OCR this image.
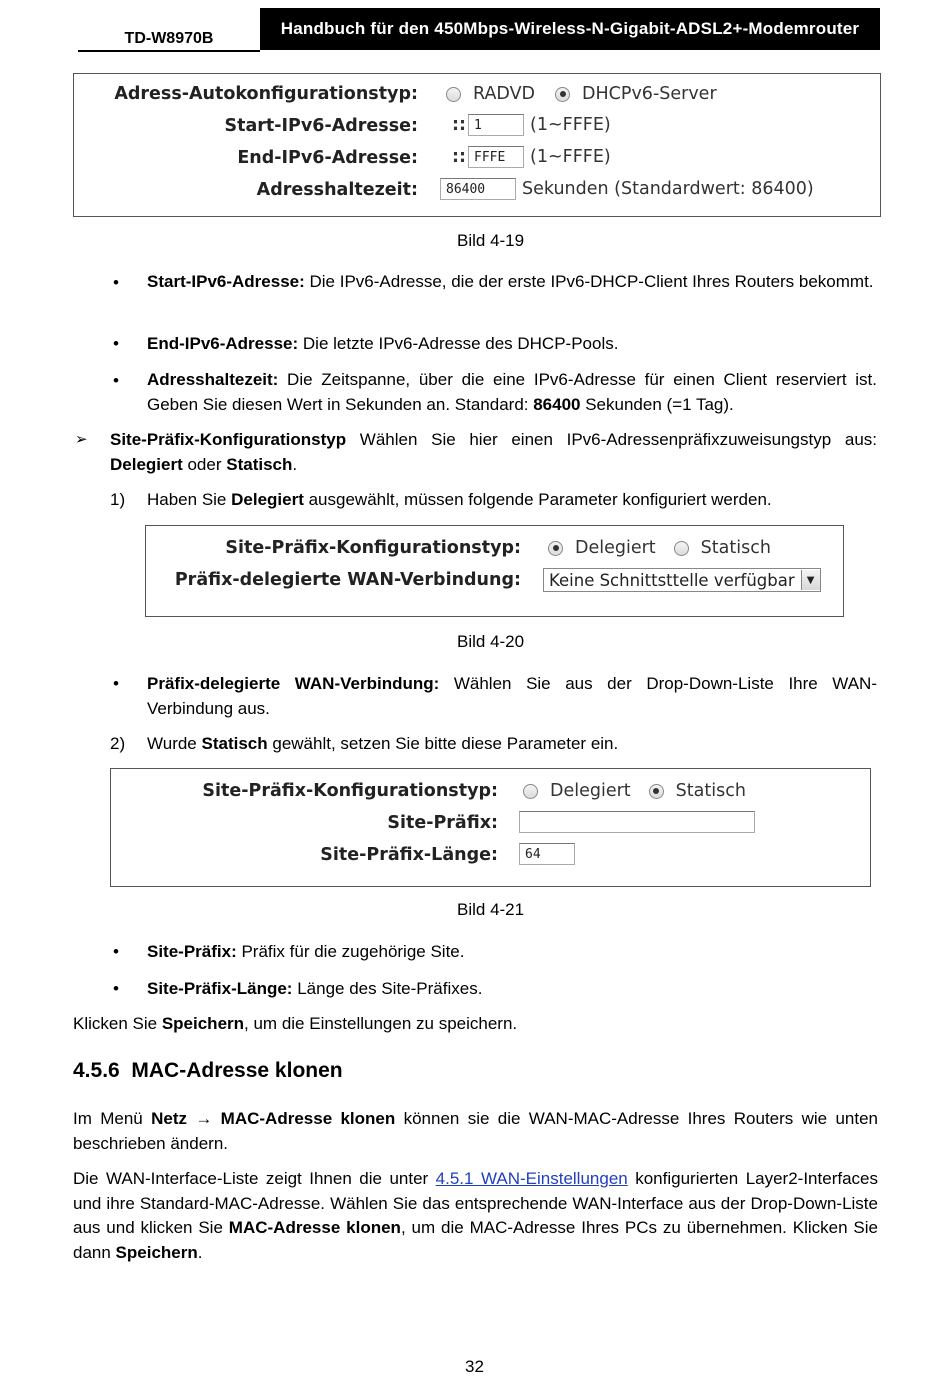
TD-W8970B
Handbuch für den 450Mbps-Wireless-N-Gigabit-ADSL2+-Modemrouter
Adress-Autokonfigurationstyp:	RADVD	DHCPv6-Server
Start-IPv6-Adresse: :: 1	(1~FFFE)
End-IPv6-Adresse: :: FFFE	(1~FFFE)
Adresshaltezeit:	86400	Sekunden (Standardwert: 86400)
Bild 4-19
• Start-IPv6-Adresse: Die IPv6-Adresse, die der erste IPv6-DHCP-Client Ihres Routers bekommt.
• End-IPv6-Adresse: Die letzte IPv6-Adresse des DHCP-Pools.
• Adresshaltezeit: Die Zeitspanne, über die eine IPv6-Adresse für einen Client reserviert ist. Geben Sie diesen Wert in Sekunden an. Standard: 86400 Sekunden (=1 Tag).
➢ Site-Präfix-Konfigurationstyp Wählen Sie hier einen IPv6-Adressenpräfixzuweisungstyp aus: Delegiert oder Statisch.
1) Haben Sie Delegiert ausgewählt, müssen folgende Parameter konfiguriert werden.
Site-Präfix-Konfigurationstyp:	Delegiert	Statisch
Präfix-delegierte WAN-Verbindung: Keine Schnittsttelle verfügbar	▼
Bild 4-20
• Präfix-delegierte WAN-Verbindung: Wählen Sie aus der Drop-Down-Liste Ihre WAN-Verbindung aus.
2) Wurde Statisch gewählt, setzen Sie bitte diese Parameter ein.
Site-Präfix-Konfigurationstyp:	Delegiert	Statisch
Site-Präfix:
Site-Präfix-Länge:	64
Bild 4-21
• Site-Präfix: Präfix für die zugehörige Site.
• Site-Präfix-Länge: Länge des Site-Präfixes.
Klicken Sie Speichern, um die Einstellungen zu speichern.
4.5.6 MAC-Adresse klonen
Im Menü Netz → MAC-Adresse klonen können sie die WAN-MAC-Adresse Ihres Routers wie unten beschrieben ändern.
Die WAN-Interface-Liste zeigt Ihnen die unter 4.5.1 WAN-Einstellungen konfigurierten Layer2-Interfaces und ihre Standard-MAC-Adresse. Wählen Sie das entsprechende WAN-Interface aus der Drop-Down-Liste aus und klicken Sie MAC-Adresse klonen, um die MAC-Adresse Ihres PCs zu übernehmen. Klicken Sie dann Speichern.
32
